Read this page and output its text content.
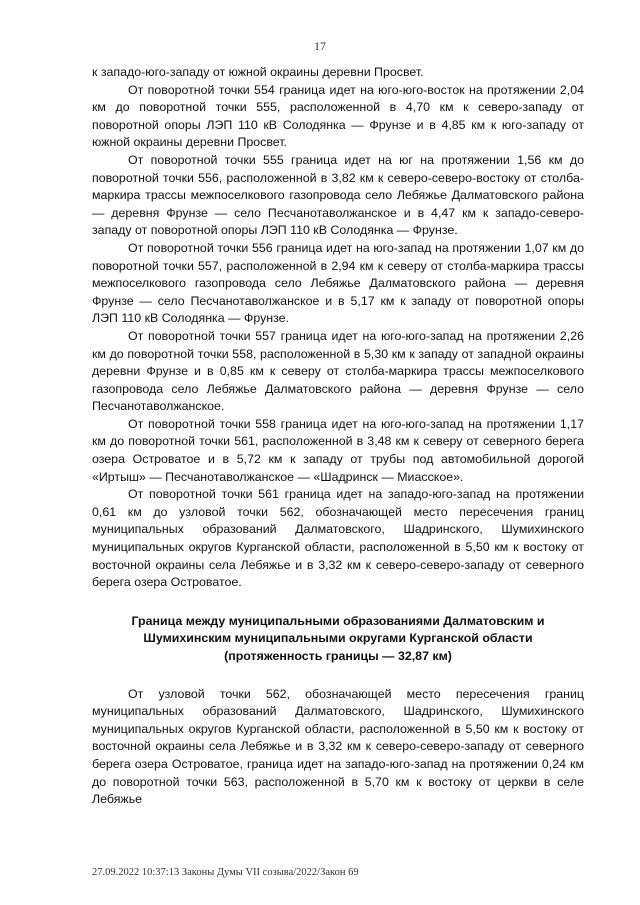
17

к западо-юго-западу от южной окраины деревни Просвет.

От поворотной точки 554 граница идет на юго-юго-восток на протяжении 2,04 км до поворотной точки 555, расположенной в 4,70 км к северо-западу от поворотной опоры ЛЭП 110 кВ Солодянка — Фрунзе и в 4,85 км к юго-западу от южной окраины деревни Просвет.

От поворотной точки 555 граница идет на юг на протяжении 1,56 км до поворотной точки 556, расположенной в 3,82 км к северо-северо-востоку от столба-маркира трассы межпоселкового газопровода село Лебяжье Далматовского района — деревня Фрунзе — село Песчанотаволжанское и в 4,47 км к западо-северо-западу от поворотной опоры ЛЭП 110 кВ Солодянка — Фрунзе.

От поворотной точки 556 граница идет на юго-запад на протяжении 1,07 км до поворотной точки 557, расположенной в 2,94 км к северу от столба-маркира трассы межпоселкового газопровода село Лебяжье Далматовского района — деревня Фрунзе — село Песчанотаволжанское и в 5,17 км к западу от поворотной опоры ЛЭП 110 кВ Солодянка — Фрунзе.

От поворотной точки 557 граница идет на юго-юго-запад на протяжении 2,26 км до поворотной точки 558, расположенной в 5,30 км к западу от западной окраины деревни Фрунзе и в 0,85 км к северу от столба-маркира трассы межпоселкового газопровода село Лебяжье Далматовского района — деревня Фрунзе — село Песчанотаволжанское.

От поворотной точки 558 граница идет на юго-юго-запад на протяжении 1,17 км до поворотной точки 561, расположенной в 3,48 км к северу от северного берега озера Островатое и в 5,72 км к западу от трубы под автомобильной дорогой «Иртыш» — Песчанотаволжанское — «Шадринск — Миасское».

От поворотной точки 561 граница идет на западо-юго-запад на протяжении 0,61 км до узловой точки 562, обозначающей место пересечения границ муниципальных образований Далматовского, Шадринского, Шумихинского муниципальных округов Курганской области, расположенной в 5,50 км к востоку от восточной окраины села Лебяжье и в 3,32 км к северо-северо-западу от северного берега озера Островатое.

Граница между муниципальными образованиями Далматовским и
Шумихинским муниципальными округами Курганской области
(протяженность границы — 32,87 км)

От узловой точки 562, обозначающей место пересечения границ муниципальных образований Далматовского, Шадринского, Шумихинского муниципальных округов Курганской области, расположенной в 5,50 км к востоку от восточной окраины села Лебяжье и в 3,32 км к северо-северо-западу от северного берега озера Островатое, граница идет на западо-юго-запад на протяжении 0,24 км до поворотной точки 563, расположенной в 5,70 км к востоку от церкви в селе Лебяжье

27.09.2022 10:37:13 Законы Думы VII созыва/2022/Закон 69
